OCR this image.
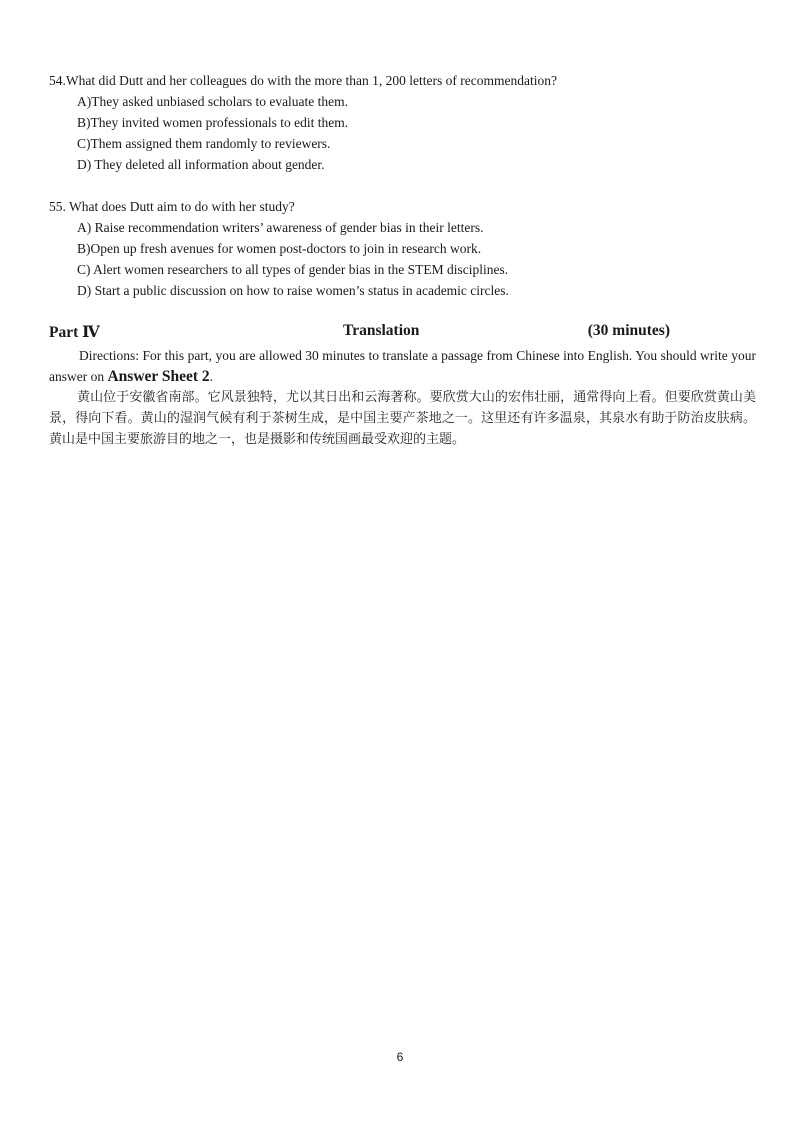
54.What did Dutt and her colleagues do with the more than 1, 200 letters of recommendation?
A)They asked unbiased scholars to evaluate them.
B)They invited women professionals to edit them.
C)Them assigned them randomly to reviewers.
D) They deleted all information about gender.
55. What does Dutt aim to do with her study?
A) Raise recommendation writers’ awareness of gender bias in their letters.
B)Open up fresh avenues for women post-doctors to join in research work.
C) Alert women researchers to all types of gender bias in the STEM disciplines.
D) Start a public discussion on how to raise women’s status in academic circles.
Part Ⅳ	Translation	(30 minutes)
Directions: For this part, you are allowed 30 minutes to translate a passage from Chinese into English. You should write your answer on Answer Sheet 2.
黄山位于安徽省南部。它风景独特，尤以其日出和云海著称。要欣赏大山的宏伟壮丽，通常得向上看。但要欣赏黄山美景，得向下看。黄山的湿润气候有利于茶树生成，是中国主要产茶地之一。这里还有许多温泉，其泉水有助于防治皮肤病。黄山是中国主要旅游目的地之一，也是摄影和传统国画最受欢迎的主题。
6
